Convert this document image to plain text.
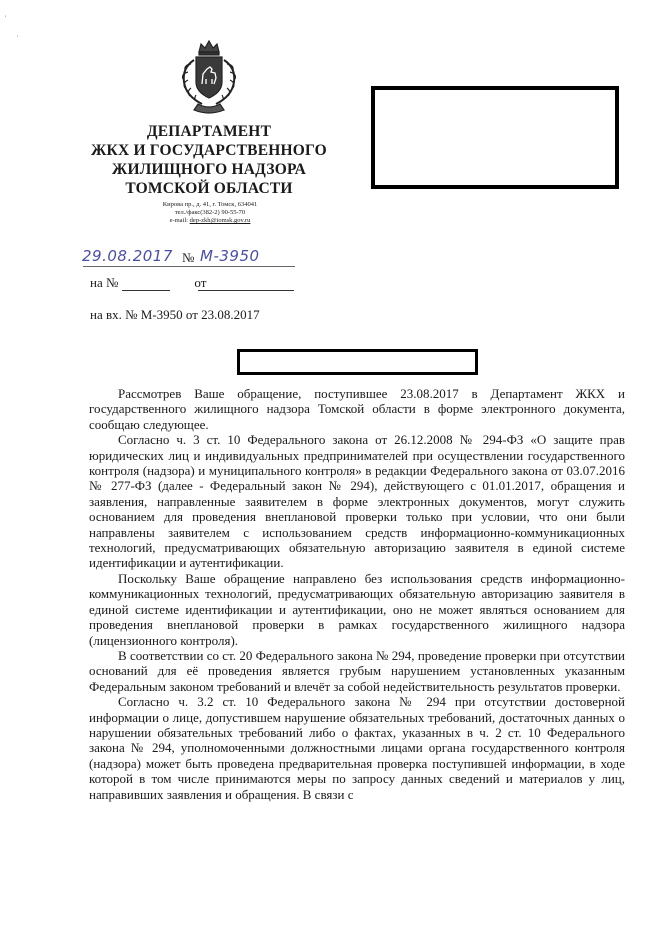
ˈ
ˈ
ДЕПАРТАМЕНТ
ЖКХ И ГОСУДАРСТВЕННОГО
ЖИЛИЩНОГО НАДЗОРА
ТОМСКОЙ ОБЛАСТИ
Кирова пр., д. 41, г. Томск, 634041
тел./факс(382-2) 90-55-70
e-mail: dep-zkh@tomsk.gov.ru
29.08.2017 № М-3950
на №	от
на вх. № М-3950 от 23.08.2017

Рассмотрев Ваше обращение, поступившее 23.08.2017 в Департамент ЖКХ и государственного жилищного надзора Томской области в форме электронного документа, сообщаю следующее.

Согласно ч. 3 ст. 10 Федерального закона от 26.12.2008 № 294-ФЗ «О защите прав юридических лиц и индивидуальных предпринимателей при осуществлении государственного контроля (надзора) и муниципального контроля» в редакции Федерального закона от 03.07.2016 № 277-ФЗ (далее - Федеральный закон № 294), действующего с 01.01.2017, обращения и заявления, направленные заявителем в форме электронных документов, могут служить основанием для проведения внеплановой проверки только при условии, что они были направлены заявителем с использованием средств информационно-коммуникационных технологий, предусматривающих обязательную авторизацию заявителя в единой системе идентификации и аутентификации.

Поскольку Ваше обращение направлено без использования средств информационно-коммуникационных технологий, предусматривающих обязательную авторизацию заявителя в единой системе идентификации и аутентификации, оно не может являться основанием для проведения внеплановой проверки в рамках государственного жилищного надзора (лицензионного контроля).

В соответствии со ст. 20 Федерального закона № 294, проведение проверки при отсутствии оснований для её проведения является грубым нарушением установленных указанным Федеральным законом требований и влечёт за собой недействительность результатов проверки.

Согласно ч. 3.2 ст. 10 Федерального закона № 294 при отсутствии достоверной информации о лице, допустившем нарушение обязательных требований, достаточных данных о нарушении обязательных требований либо о фактах, указанных в ч. 2 ст. 10 Федерального закона № 294, уполномоченными должностными лицами органа государственного контроля (надзора) может быть проведена предварительная проверка поступившей информации, в ходе которой в том числе принимаются меры по запросу данных сведений и материалов у лиц, направивших заявления и обращения. В связи с
